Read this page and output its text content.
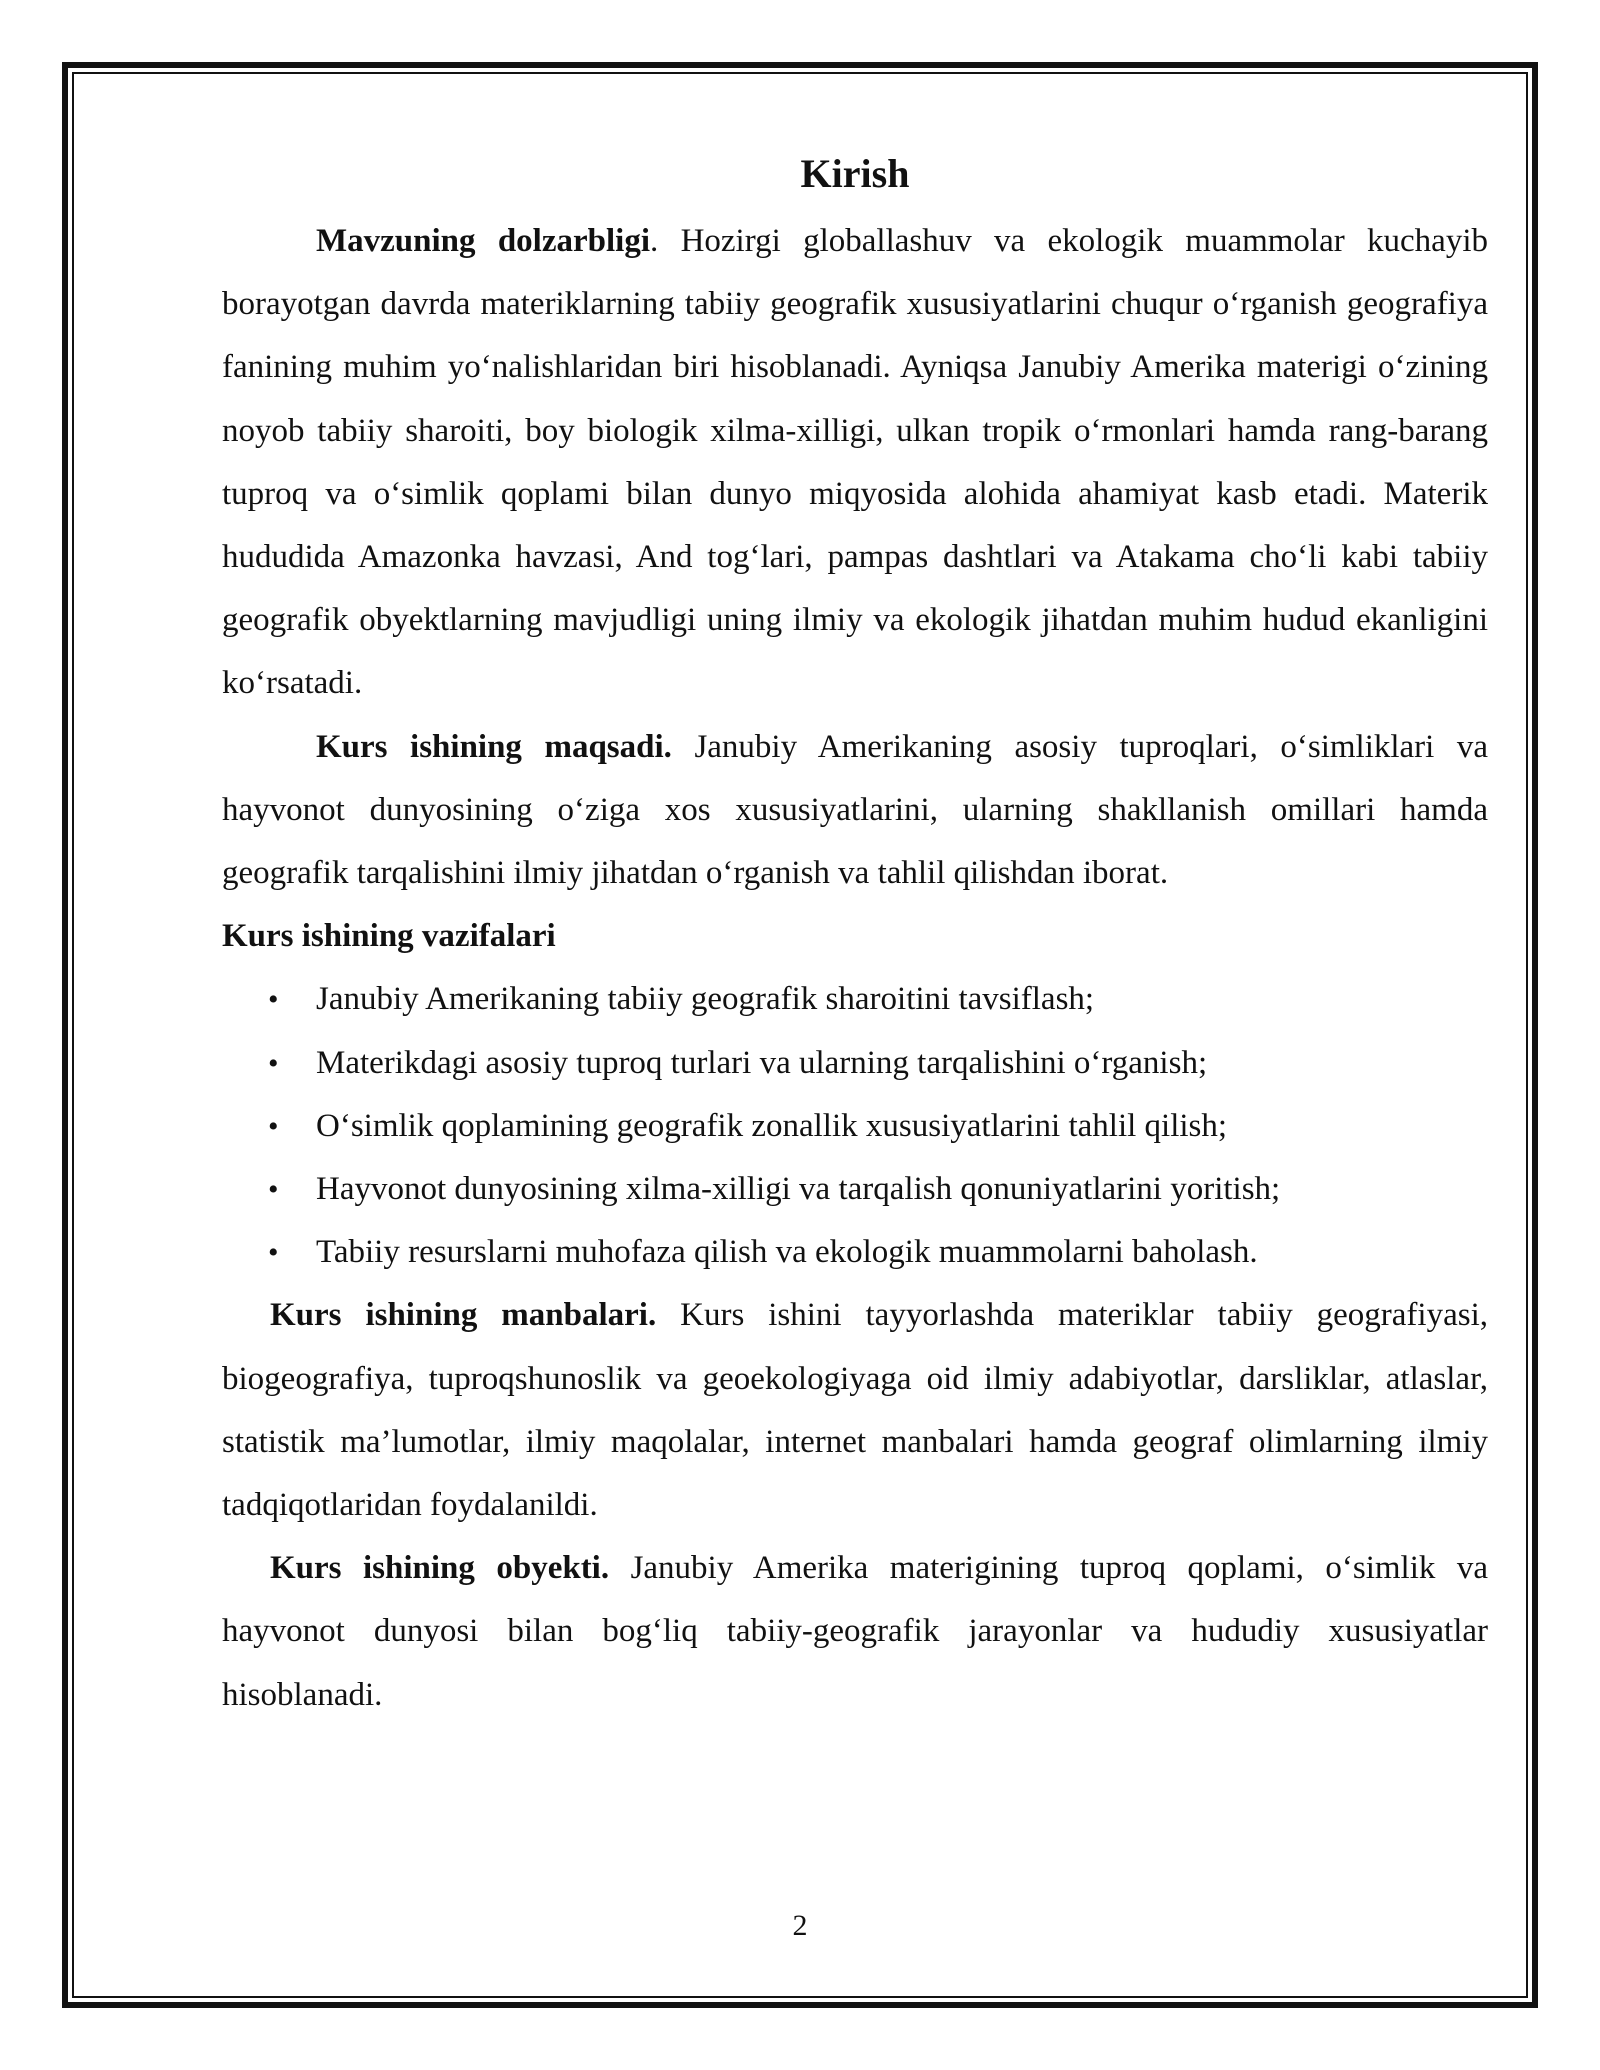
Kirish

Mavzuning dolzarbligi. Hozirgi globallashuv va ekologik muammolar kuchayib borayotgan davrda materiklarning tabiiy geografik xususiyatlarini chuqur o‘rganish geografiya fanining muhim yo‘nalishlaridan biri hisoblanadi. Ayniqsa Janubiy Amerika materigi o‘zining noyob tabiiy sharoiti, boy biologik xilma-xilligi, ulkan tropik o‘rmonlari hamda rang-barang tuproq va o‘simlik qoplami bilan dunyo miqyosida alohida ahamiyat kasb etadi. Materik hududida Amazonka havzasi, And tog‘lari, pampas dashtlari va Atakama cho‘li kabi tabiiy geografik obyektlarning mavjudligi uning ilmiy va ekologik jihatdan muhim hudud ekanligini ko‘rsatadi.

Kurs ishining maqsadi. Janubiy Amerikaning asosiy tuproqlari, o‘simliklari va hayvonot dunyosining o‘ziga xos xususiyatlarini, ularning shakllanish omillari hamda geografik tarqalishini ilmiy jihatdan o‘rganish va tahlil qilishdan iborat.

Kurs ishining vazifalari
• Janubiy Amerikaning tabiiy geografik sharoitini tavsiflash;
• Materikdagi asosiy tuproq turlari va ularning tarqalishini o‘rganish;
• O‘simlik qoplamining geografik zonallik xususiyatlarini tahlil qilish;
• Hayvonot dunyosining xilma-xilligi va tarqalish qonuniyatlarini yoritish;
• Tabiiy resurslarni muhofaza qilish va ekologik muammolarni baholash.

Kurs ishining manbalari. Kurs ishini tayyorlashda materiklar tabiiy geografiyasi, biogeografiya, tuproqshunoslik va geoekologiyaga oid ilmiy adabiyotlar, darsliklar, atlaslar, statistik ma’lumotlar, ilmiy maqolalar, internet manbalari hamda geograf olimlarning ilmiy tadqiqotlaridan foydalanildi.

Kurs ishining obyekti. Janubiy Amerika materigining tuproq qoplami, o‘simlik va hayvonot dunyosi bilan bog‘liq tabiiy-geografik jarayonlar va hududiy xususiyatlar hisoblanadi.

2
